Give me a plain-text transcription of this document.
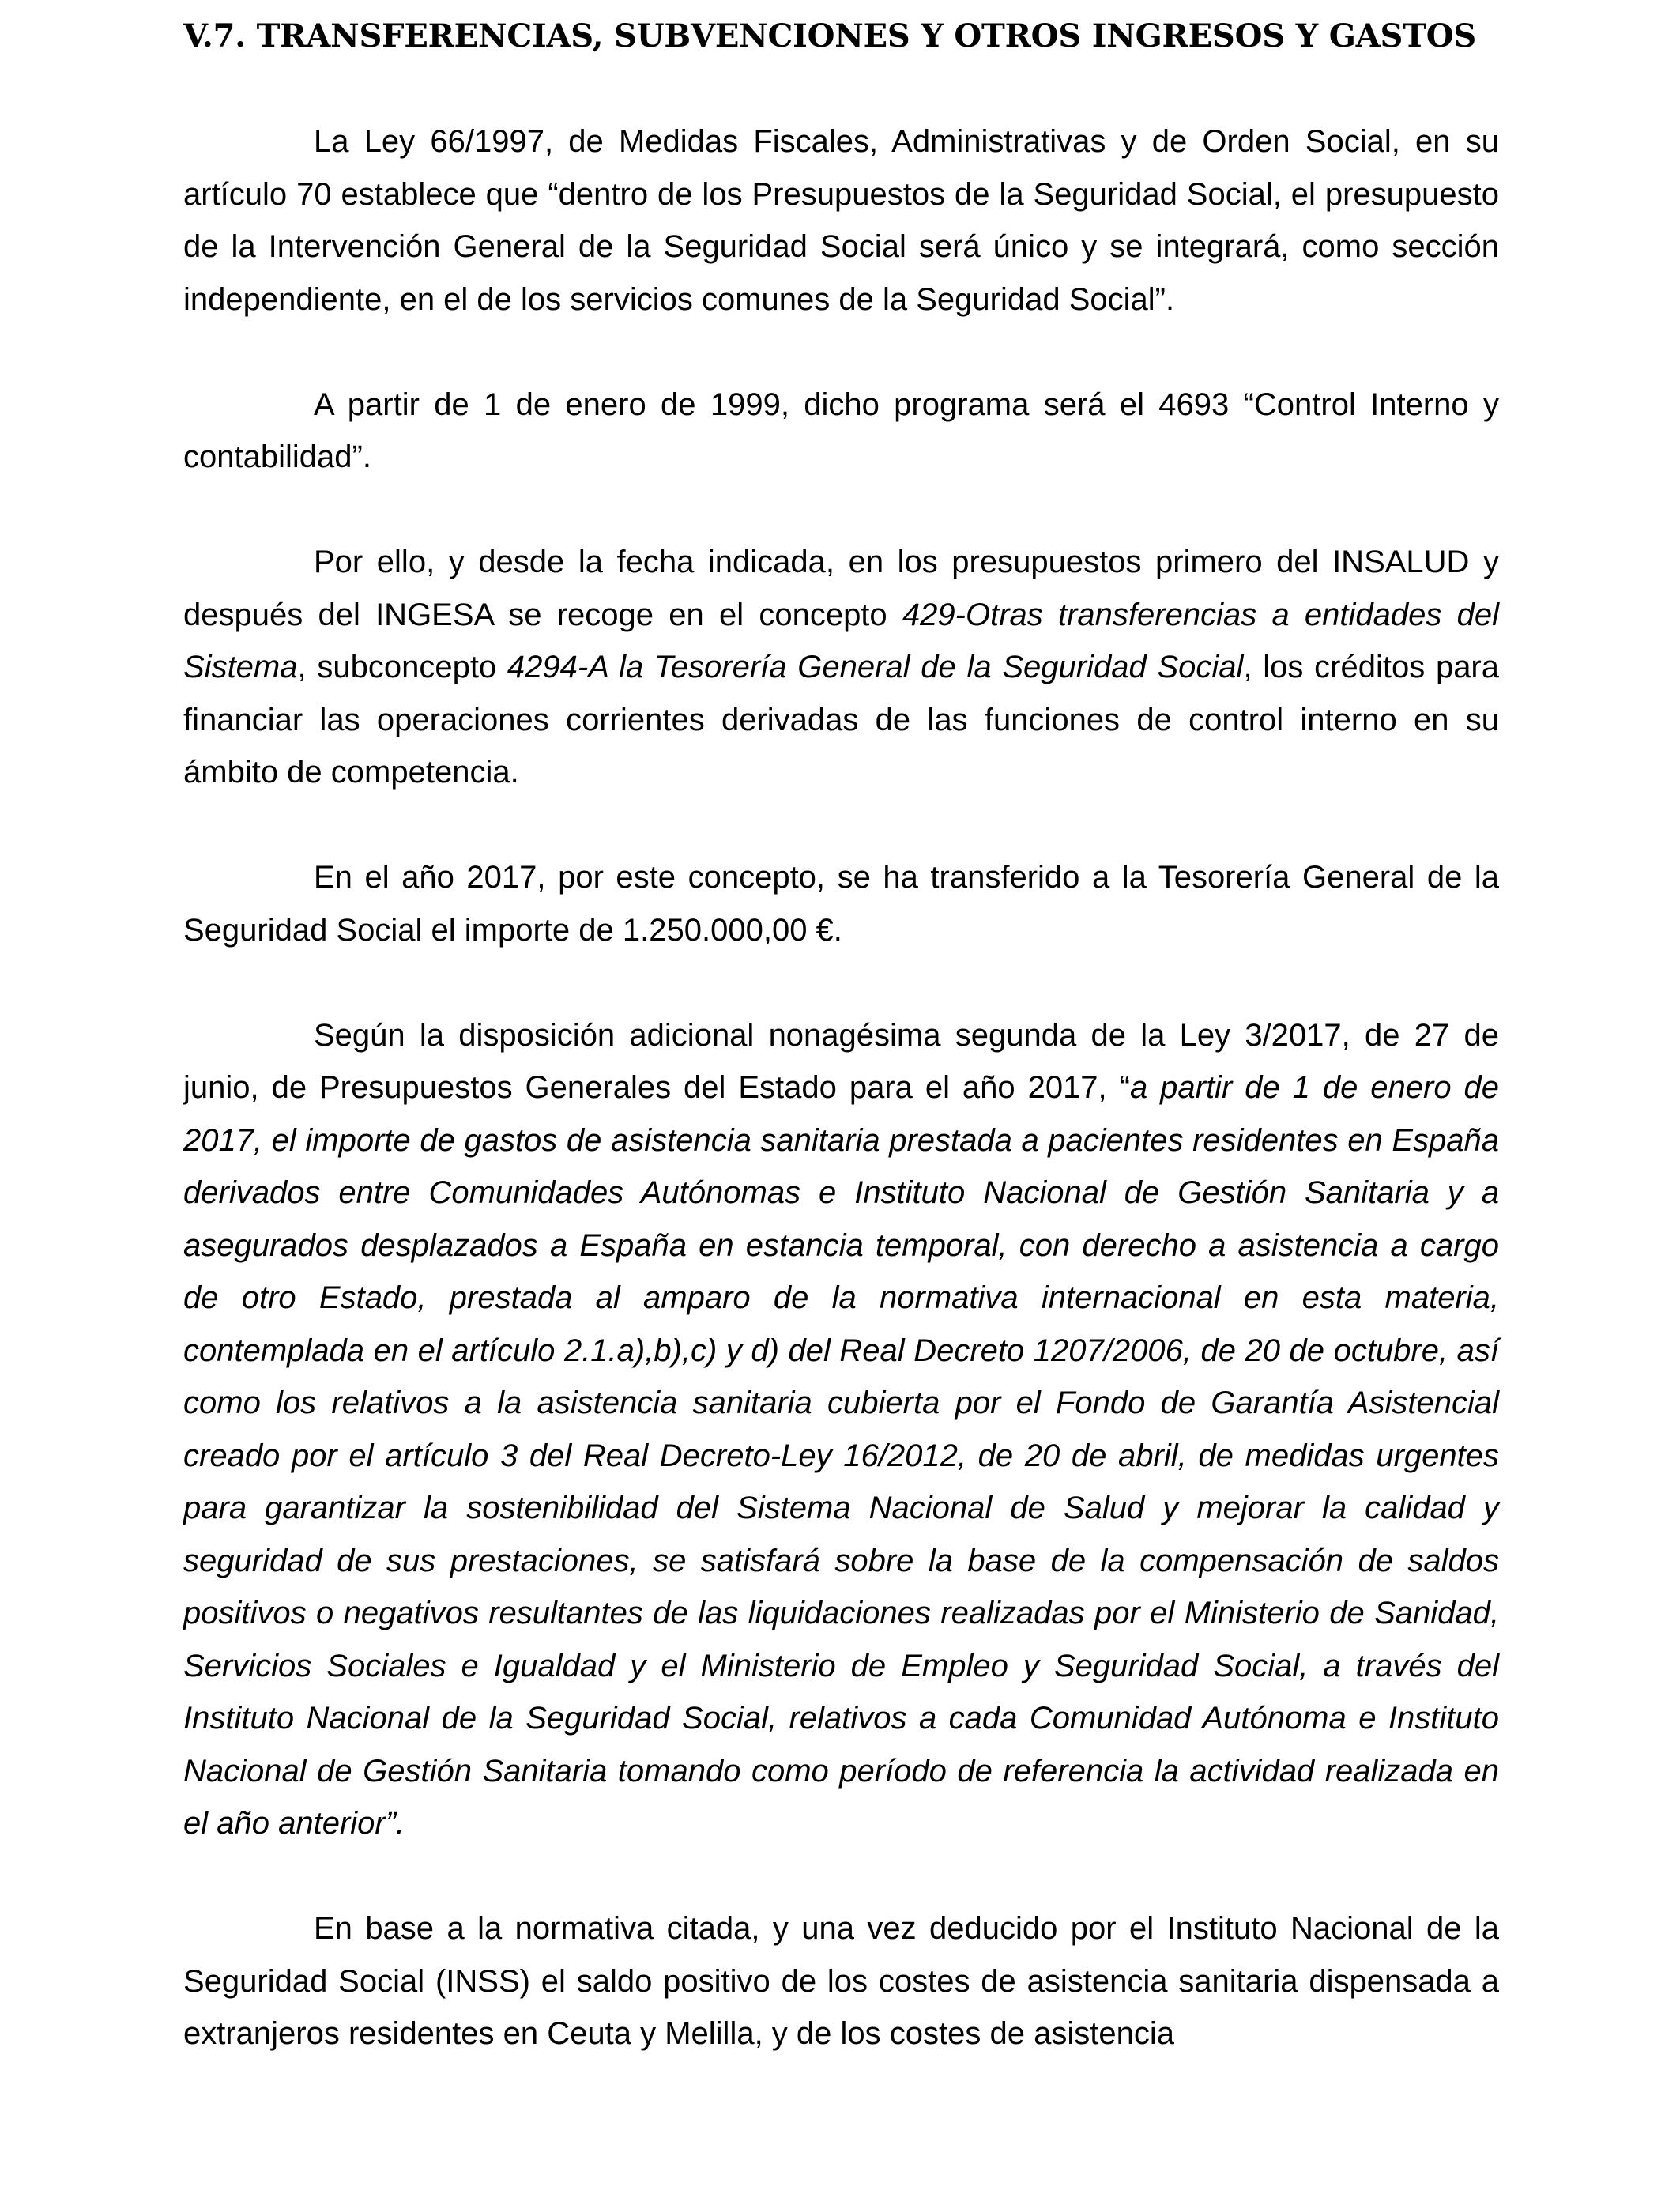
V.7. TRANSFERENCIAS, SUBVENCIONES Y OTROS INGRESOS Y GASTOS

La Ley 66/1997, de Medidas Fiscales, Administrativas y de Orden Social, en su artículo 70 establece que “dentro de los Presupuestos de la Seguridad Social, el presupuesto de la Intervención General de la Seguridad Social será único y se integrará, como sección independiente, en el de los servicios comunes de la Seguridad Social”.

A partir de 1 de enero de 1999, dicho programa será el 4693 “Control Interno y contabilidad”.

Por ello, y desde la fecha indicada, en los presupuestos primero del INSALUD y después del INGESA se recoge en el concepto 429-Otras transferencias a entidades del Sistema, subconcepto 4294-A la Tesorería General de la Seguridad Social, los créditos para financiar las operaciones corrientes derivadas de las funciones de control interno en su ámbito de competencia.

En el año 2017, por este concepto, se ha transferido a la Tesorería General de la Seguridad Social el importe de 1.250.000,00 €.

Según la disposición adicional nonagésima segunda de la Ley 3/2017, de 27 de junio, de Presupuestos Generales del Estado para el año 2017, “a partir de 1 de enero de 2017, el importe de gastos de asistencia sanitaria prestada a pacientes residentes en España derivados entre Comunidades Autónomas e Instituto Nacional de Gestión Sanitaria y a asegurados desplazados a España en estancia temporal, con derecho a asistencia a cargo de otro Estado, prestada al amparo de la normativa internacional en esta materia, contemplada en el artículo 2.1.a),b),c) y d) del Real Decreto 1207/2006, de 20 de octubre, así como los relativos a la asistencia sanitaria cubierta por el Fondo de Garantía Asistencial creado por el artículo 3 del Real Decreto-Ley 16/2012, de 20 de abril, de medidas urgentes para garantizar la sostenibilidad del Sistema Nacional de Salud y mejorar la calidad y seguridad de sus prestaciones, se satisfará sobre la base de la compensación de saldos positivos o negativos resultantes de las liquidaciones realizadas por el Ministerio de Sanidad, Servicios Sociales e Igualdad y el Ministerio de Empleo y Seguridad Social, a través del Instituto Nacional de la Seguridad Social, relativos a cada Comunidad Autónoma e Instituto Nacional de Gestión Sanitaria tomando como período de referencia la actividad realizada en el año anterior”.

En base a la normativa citada, y una vez deducido por el Instituto Nacional de la Seguridad Social (INSS) el saldo positivo de los costes de asistencia sanitaria dispensada a extranjeros residentes en Ceuta y Melilla, y de los costes de asistencia
